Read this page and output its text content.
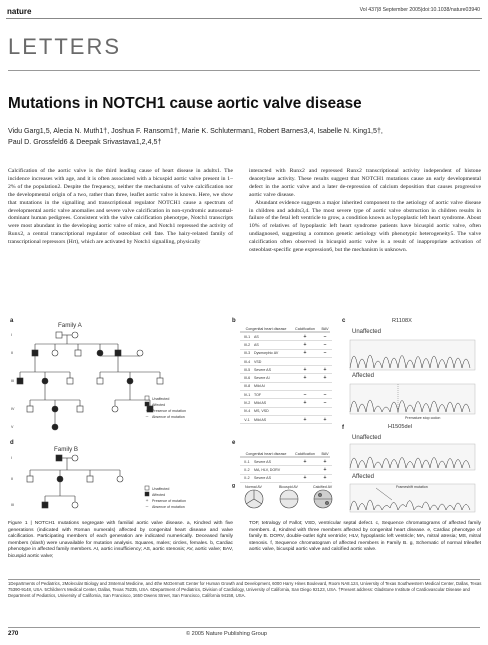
nature	Vol 437|8 September 2005|doi:10.1038/nature03940
LETTERS
Mutations in NOTCH1 cause aortic valve disease
Vidu Garg1,5, Alecia N. Muth1†, Joshua F. Ransom1†, Marie K. Schluterman1, Robert Barnes3,4, Isabelle N. King1,5†,
Paul D. Grossfeld6 & Deepak Srivastava1,2,4,5†

Calcification of the aortic valve is the third leading cause of heart disease in adults1. The incidence increases with age, and it is often associated with a bicuspid aortic valve present in 1–2% of the population2. Despite the frequency, neither the mechanisms of valve calcification nor the developmental origin of a two, rather than three, leaflet aortic valve is known. Here, we show that mutations in the signalling and transcriptional regulator NOTCH1 cause a spectrum of developmental aortic valve anomalies and severe valve calcification in non-syndromic autosomal-dominant human pedigrees. Consistent with the valve calcification phenotype, Notch1 transcripts were most abundant in the developing aortic valve of mice, and Notch1 repressed the activity of Runx2, a central transcriptional regulator of osteoblast cell fate. The hairy-related family of transcriptional repressors (Hrt), which are activated by Notch1 signalling, physically

interacted with Runx2 and repressed Runx2 transcriptional activity independent of histone deacetylase activity. These results suggest that NOTCH1 mutations cause an early developmental defect in the aortic valve and a later de-repression of calcium deposition that causes progressive aortic valve disease.

Abundant evidence suggests a major inherited component to the aetiology of aortic valve disease in children and adults3,4. The most severe type of aortic valve obstruction in children results in failure of the fetal left ventricle to grow, a condition known as hypoplastic left heart syndrome. About 10% of relatives of hypoplastic left heart syndrome patients have bicuspid aortic valve, often undiagnosed, suggesting a common genetic aetiology with phenotypic heterogeneity5. The valve calcification often observed in bicuspid aortic valve is a result of inappropriate activation of osteoblast-specific gene expression6, but the mechanism is unknown.

+
–
+
–
a	b	c
d	e
f
Family A
Family B
I
II
III
IV
V
I
II
III
Unaffected
Affected
Presence of mutation
Absence of mutation
Unaffected
Affected
Presence of mutation
Absence of mutation
Congenital heart disease	Calcification	BAV
III-1	AS	+	–
III-2	AS	+	–
III-3	Dysmorphic AV	+	–
III-4	VSD
III-5	Severe AS	+	+
III-6	Severe AI	+	+
III-8	Mild AI
IV-1	TOF	–	–
IV-2	Mild AS	+	–
IV-4	MS, VSD
V-1	Mild AS	+	+
Congenital heart disease	Calcification	BAV
II-1	Severe AS	+	+
II-2	MA, HLV, DORV	+
II-2	Severe AS	+	+
g	Normal AV	Bicuspid AV	Calcified AV
R1108X
Unaffected
Affected
Premature stop codon
H1505del
Unaffected
Affected
Frameshift mutation
Figure 1 | NOTCH1 mutations segregate with familial aortic valve disease. a, Kindred with five generations (indicated with Roman numerals) affected by congenital heart disease and valve calcification. Participating members of each generation are indicated numerically. Deceased family members (slash) were unavailable for mutation analysis. Squares, males; circles, females. b, Cardiac phenotype in affected family members. AI, aortic insufficiency; AS, aortic stenosis; AV, aortic valve; BAV, bicuspid aortic valve;
TOF, tetralogy of Fallot; VSD, ventricular septal defect. c, Sequence chromatograms of affected family members. d, Kindred with three members affected by congenital heart disease. e, Cardiac phenotype of family B. DORV, double-outlet right ventricle; HLV, hypoplastic left ventricle; MA, mitral atresia; MS, mitral stenosis. f, Sequence chromatogram of affected members in Family B. g, Schematic of normal trileaflet aortic valve, bicuspid aortic valve and calcified aortic valve.
1Departments of Pediatrics, 2Molecular Biology and 3Internal Medicine, and 4the McDermott Center for Human Growth and Development, 6000 Harry Hines Boulevard, Room NA8.124, University of Texas Southwestern Medical Center, Dallas, Texas 75390-9148, USA. 5Children's Medical Center, Dallas, Texas 75235, USA. 6Department of Pediatrics, Division of Cardiology, University of California, San Diego 92123, USA. †Present address: Gladstone Institute of Cardiovascular Disease and Department of Pediatrics, University of California, San Francisco, 1650 Owens Street, San Francisco, California 94158, USA.
270	© 2005 Nature Publishing Group
